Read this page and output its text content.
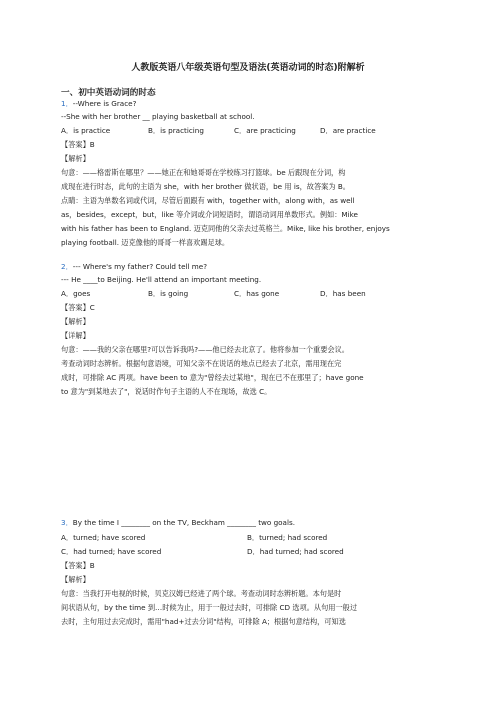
人教版英语八年级英语句型及语法(英语动词的时态)附解析
一、初中英语动词的时态
1．--Where is Grace?
--She with her brother __ playing basketball at school.
A．is practice	B．is practicing	C．are practicing	D．are practice
【答案】B
【解析】
句意：——格雷斯在哪里？——她正在和她哥哥在学校练习打篮球。be 后跟现在分词，构
成现在进行时态，此句的主语为 she，with her brother 做状语，be 用 is，故答案为 B。
点睛：主语为单数名词或代词，尽管后面跟有 with，together with，along with，as well
as，besides，except，but，like 等介词或介词短语时，谓语动词用单数形式。例如：Mike
with his father has been to England. 迈克同他的父亲去过英格兰。Mike, like his brother, enjoys
playing football. 迈克像他的哥哥一样喜欢踢足球。
2．--- Where's my father? Could tell me?
--- He ____to Beijing. He'll attend an important meeting.
A．goes	B．is going	C．has gone	D．has been
【答案】C
【解析】
【详解】
句意：——我的父亲在哪里?可以告诉我吗?——他已经去北京了。他将参加一个重要会议。
考查动词时态辨析。根据句意语境，可知父亲不在说话的地点已经去了北京，需用现在完
成时，可排除 AC 两项。have been to 意为"曾经去过某地"，现在已不在那里了；have gone
to 意为"到某地去了"，说话时作句子主语的人不在现场，故选 C。
3．By the time I ________ on the TV, Beckham ________ two goals.
A．turned; have scored	B．turned; had scored
C．had turned; have scored	D．had turned; had scored
【答案】B
【解析】
句意：当我打开电视的时候，贝克汉姆已经进了两个球。考查动词时态辨析题。本句是时
间状语从句，by the time 到…时候为止，用于一般过去时，可排除 CD 选项。从句用一般过
去时，主句用过去完成时，需用"had+过去分词"结构，可排除 A；根据句意结构，可知选
